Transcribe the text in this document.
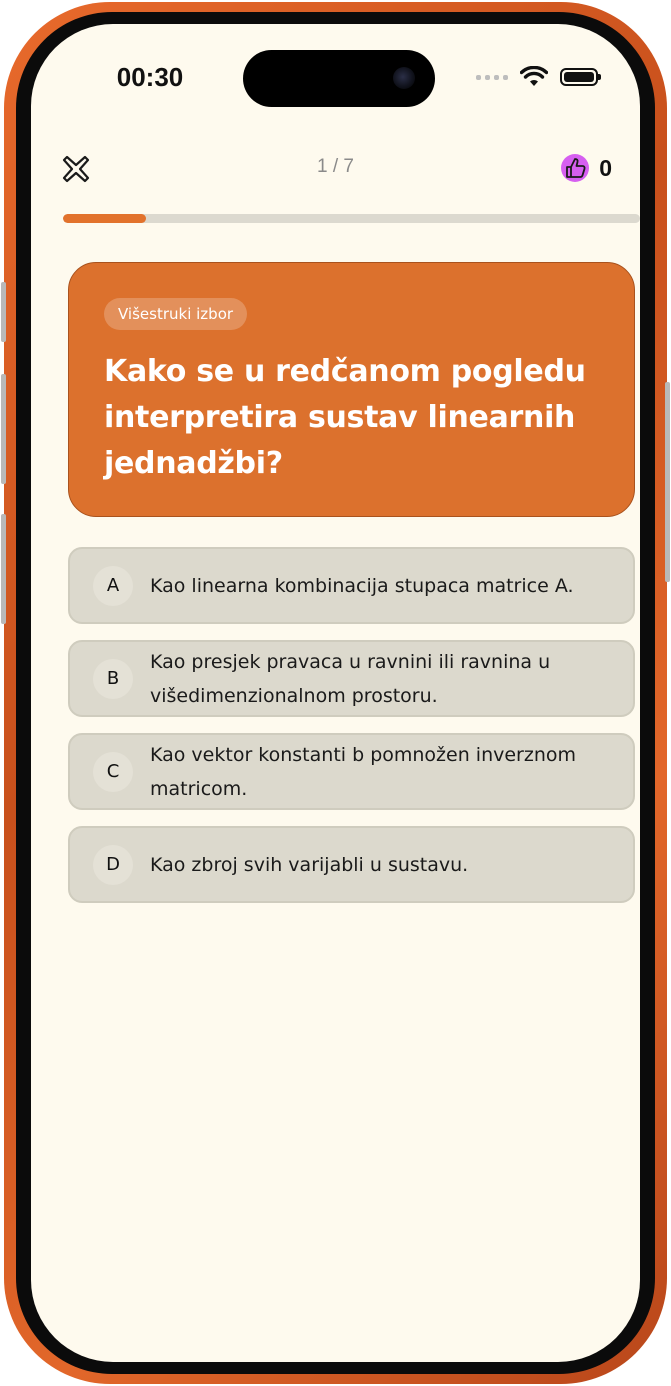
00:30
1 / 7	0
Višestruki izbor
Kako se u redčanom pogledu interpretira sustav linearnih jednadžbi?
A	Kao linearna kombinacija stupaca matrice A.
B
Kao presjek pravaca u ravnini ili ravnina u višedimenzionalnom prostoru.
C
Kao vektor konstanti b pomnožen inverznom matricom.
D	Kao zbroj svih varijabli u sustavu.
